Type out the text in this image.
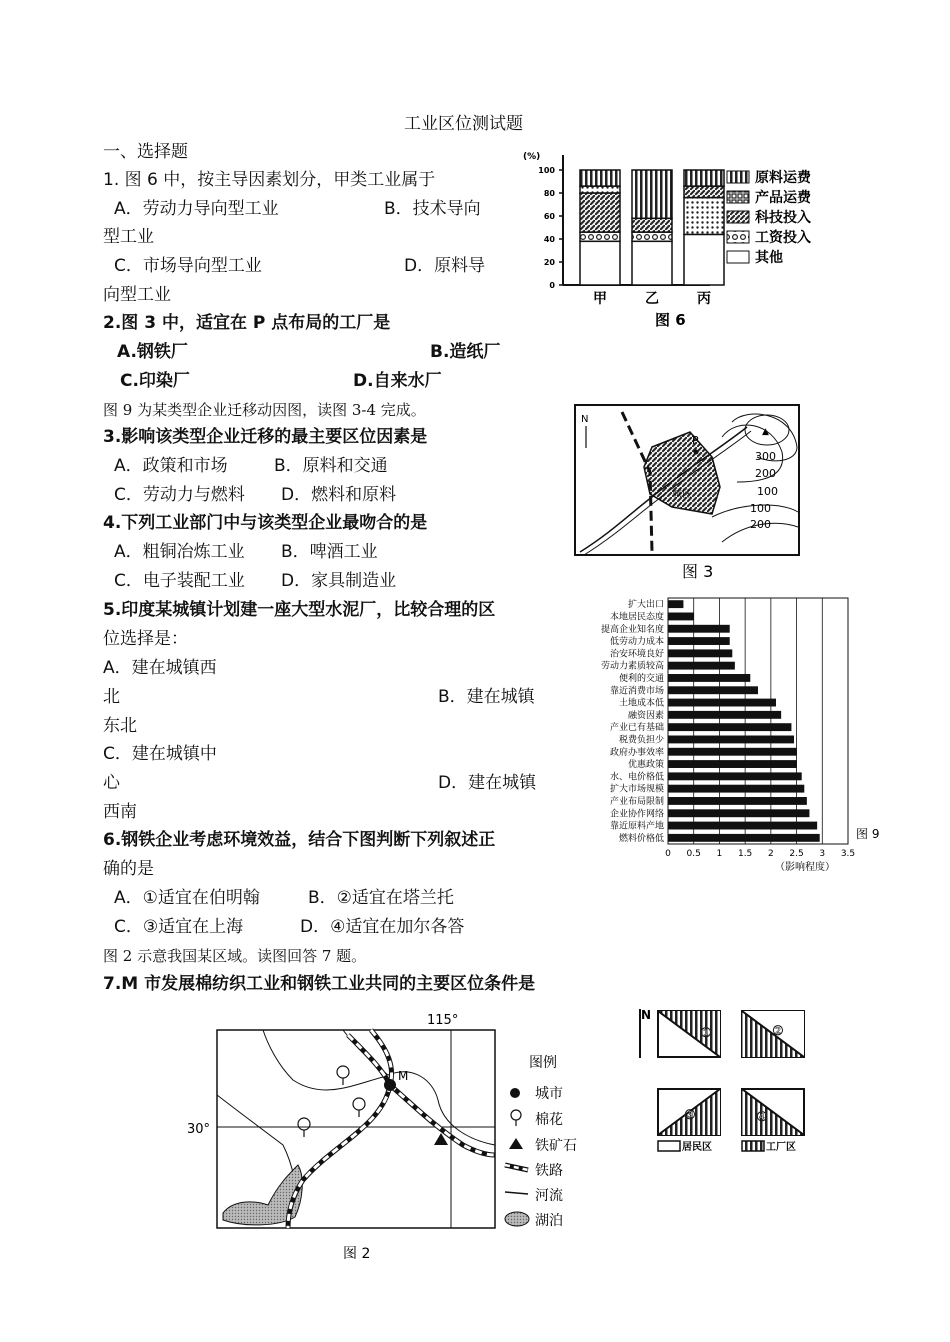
工业区位测试题
一、选择题
1. 图 6 中，按主导因素划分，甲类工业属于
A．劳动力导向型工业	B．技术导向
型工业
C．市场导向型工业	D．原料导
向型工业
2.图 3 中，适宜在 P 点布局的工厂是
A.钢铁厂	B.造纸厂
C.印染厂	D.自来水厂
图 9 为某类型企业迁移动因图，读图 3-4 完成。
3.影响该类型企业迁移的最主要区位因素是
A．政策和市场	B．原料和交通
C．劳动力与燃料 D．燃料和原料
4.下列工业部门中与该类型企业最吻合的是
A．粗铜冶炼工业 B．啤酒工业
C．电子装配工业 D．家具制造业
5.印度某城镇计划建一座大型水泥厂，比较合理的区
位选择是：
A．建在城镇西
北	B．建在城镇
东北
C．建在城镇中
心	D．建在城镇
西南
6.钢铁企业考虑环境效益，结合下图判断下列叙述正
确的是
A．①适宜在伯明翰	B．②适宜在塔兰托
C．③适宜在上海	D．④适宜在加尔各答
图 2 示意我国某区域。读图回答 7 题。
7.M 市发展棉纺织工业和钢铁工业共同的主要区位条件是
(%)
0
20
40
60
80
100
甲	乙	丙
原料运费
产品运费
科技投入
工资投入
其他
图 6
N
城区
▲
300
200
100
100
200
P
图 3
扩大出口
本地居民态度
提高企业知名度
低劳动力成本
治安环境良好
劳动力素质较高
便利的交通
靠近消费市场
土地成本低
融资因素
产业已有基础
税费负担少
政府办事效率
优惠政策
水、电价格低
扩大市场规模
产业布局限制
企业协作网络
靠近原料产地
燃料价格低
0 0.5 1 1.5 2 2.5 3 3.5
（影响程度）
图 9
N
①	②
③	④
居民区	工厂区
115°
30°
M
图例
城市
棉花
铁矿石
铁路
河流
湖泊
图 2
